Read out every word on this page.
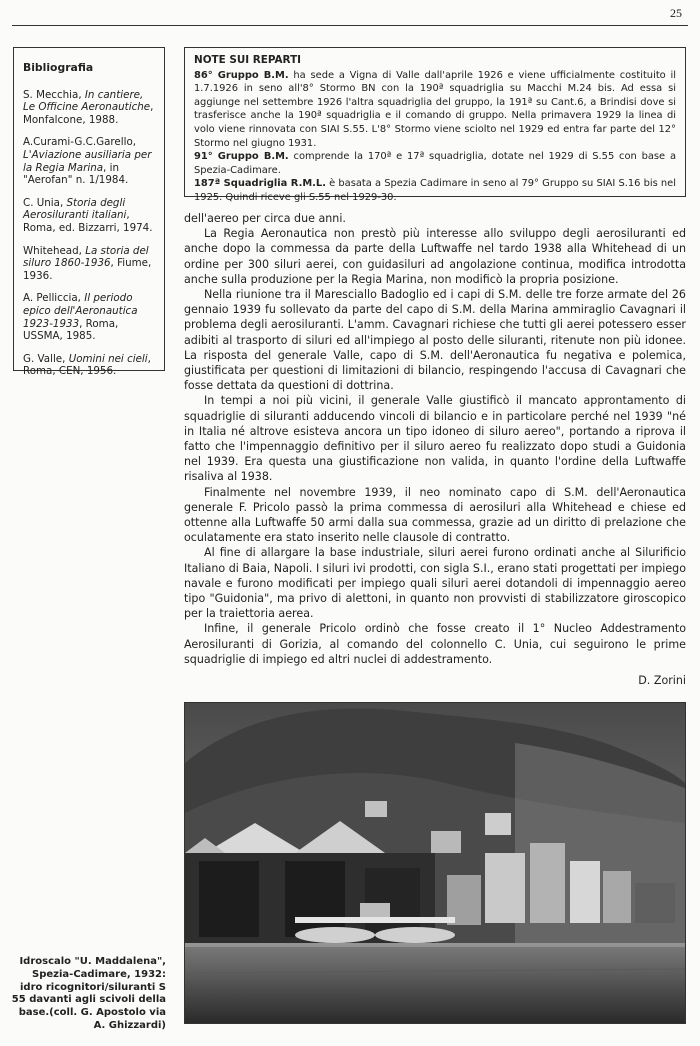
25
Bibliografia
S. Mecchia, In cantiere, Le Officine Aeronautiche, Monfalcone, 1988.
A.Curami-G.C.Garello, L'Aviazione ausiliaria per la Regia Marina, in "Aerofan" n. 1/1984.
C. Unia, Storia degli Aerosiluranti italiani, Roma, ed. Bizzarri, 1974.
Whitehead, La storia del siluro 1860-1936, Fiume, 1936.
A. Pelliccia, Il periodo epico dell'Aeronautica 1923-1933, Roma, USSMA, 1985.
G. Valle, Uomini nei cieli, Roma, CEN, 1956.
NOTE SUI REPARTI

86° Gruppo B.M. ha sede a Vigna di Valle dall'aprile 1926 e viene ufficialmente costituito il 1.7.1926 in seno all'8° Stormo BN con la 190ª squadriglia su Macchi M.24 bis. Ad essa si aggiunge nel settembre 1926 l'altra squadriglia del gruppo, la 191ª su Cant.6, a Brindisi dove si trasferisce anche la 190ª squadriglia e il comando di gruppo. Nella primavera 1929 la linea di volo viene rinnovata con SIAI S.55. L'8° Stormo viene sciolto nel 1929 ed entra far parte del 12° Stormo nel giugno 1931.

91° Gruppo B.M. comprende la 170ª e 17ª squadriglia, dotate nel 1929 di S.55 con base a Spezia-Cadimare.

187ª Squadriglia R.M.L. è basata a Spezia Cadimare in seno al 79° Gruppo su SIAI S.16 bis nel 1925. Quindi riceve gli S.55 nel 1929-30.

dell'aereo per circa due anni.

La Regia Aeronautica non prestò più interesse allo sviluppo degli aerosiluranti ed anche dopo la commessa da parte della Luftwaffe nel tardo 1938 alla Whitehead di un ordine per 300 siluri aerei, con guidasiluri ad angolazione continua, modifica introdotta anche sulla produzione per la Regia Marina, non modificò la propria posizione.

Nella riunione tra il Maresciallo Badoglio ed i capi di S.M. delle tre forze armate del 26 gennaio 1939 fu sollevato da parte del capo di S.M. della Marina ammiraglio Cavagnari il problema degli aerosiluranti. L'amm. Cavagnari richiese che tutti gli aerei potessero esser adibiti al trasporto di siluri ed all'impiego al posto delle siluranti, ritenute non più idonee. La risposta del generale Valle, capo di S.M. dell'Aeronautica fu negativa e polemica, giustificata per questioni di limitazioni di bilancio, respingendo l'accusa di Cavagnari che fosse dettata da questioni di dottrina.

In tempi a noi più vicini, il generale Valle giustificò il mancato approntamento di squadriglie di siluranti adducendo vincoli di bilancio e in particolare perché nel 1939 "né in Italia né altrove esisteva ancora un tipo idoneo di siluro aereo", portando a riprova il fatto che l'impennaggio definitivo per il siluro aereo fu realizzato dopo studi a Guidonia nel 1939. Era questa una giustificazione non valida, in quanto l'ordine della Luftwaffe risaliva al 1938.

Finalmente nel novembre 1939, il neo nominato capo di S.M. dell'Aeronautica generale F. Pricolo passò la prima commessa di aerosiluri alla Whitehead e chiese ed ottenne alla Luftwaffe 50 armi dalla sua commessa, grazie ad un diritto di prelazione che oculatamente era stato inserito nelle clausole di contratto.

Al fine di allargare la base industriale, siluri aerei furono ordinati anche al Silurificio Italiano di Baia, Napoli. I siluri ivi prodotti, con sigla S.I., erano stati progettati per impiego navale e furono modificati per impiego quali siluri aerei dotandoli di impennaggio aereo tipo "Guidonia", ma privo di alettoni, in quanto non provvisti di stabilizzatore giroscopico per la traiettoria aerea.

Infine, il generale Pricolo ordinò che fosse creato il 1° Nucleo Addestramento Aerosiluranti di Gorizia, al comando del colonnello C. Unia, cui seguirono le prime squadriglie di impiego ed altri nuclei di addestramento.

D. Zorini

Idroscalo "U. Maddalena", Spezia-Cadimare, 1932: idro ricognitori/siluranti S 55 davanti agli scivoli della base.(coll. G. Apostolo via A. Ghizzardi)
